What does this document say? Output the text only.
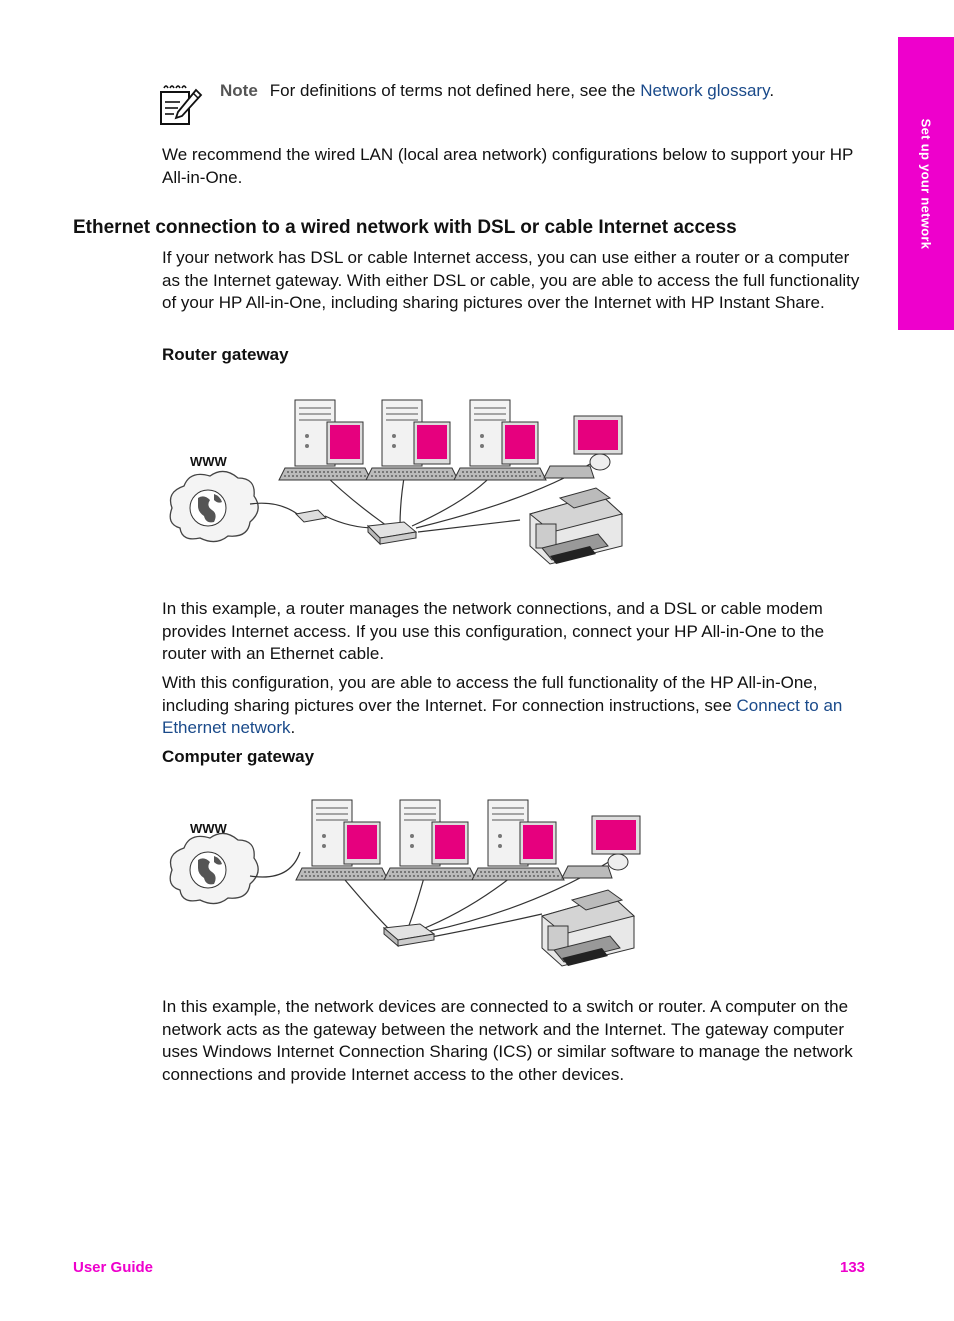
Set up your network
Note For definitions of terms not defined here, see the Network glossary.

We recommend the wired LAN (local area network) configurations below to support your HP All-in-One.

Ethernet connection to a wired network with DSL or cable Internet access

If your network has DSL or cable Internet access, you can use either a router or a computer as the Internet gateway. With either DSL or cable, you are able to access the full functionality of your HP All-in-One, including sharing pictures over the Internet with HP Instant Share.

Router gateway
WWW

In this example, a router manages the network connections, and a DSL or cable modem provides Internet access. If you use this configuration, connect your HP All-in-One to the router with an Ethernet cable.

With this configuration, you are able to access the full functionality of the HP All-in-One, including sharing pictures over the Internet. For connection instructions, see Connect to an Ethernet network.

Computer gateway
WWW

In this example, the network devices are connected to a switch or router. A computer on the network acts as the gateway between the network and the Internet. The gateway computer uses Windows Internet Connection Sharing (ICS) or similar software to manage the network connections and provide Internet access to the other devices.

User Guide	133
